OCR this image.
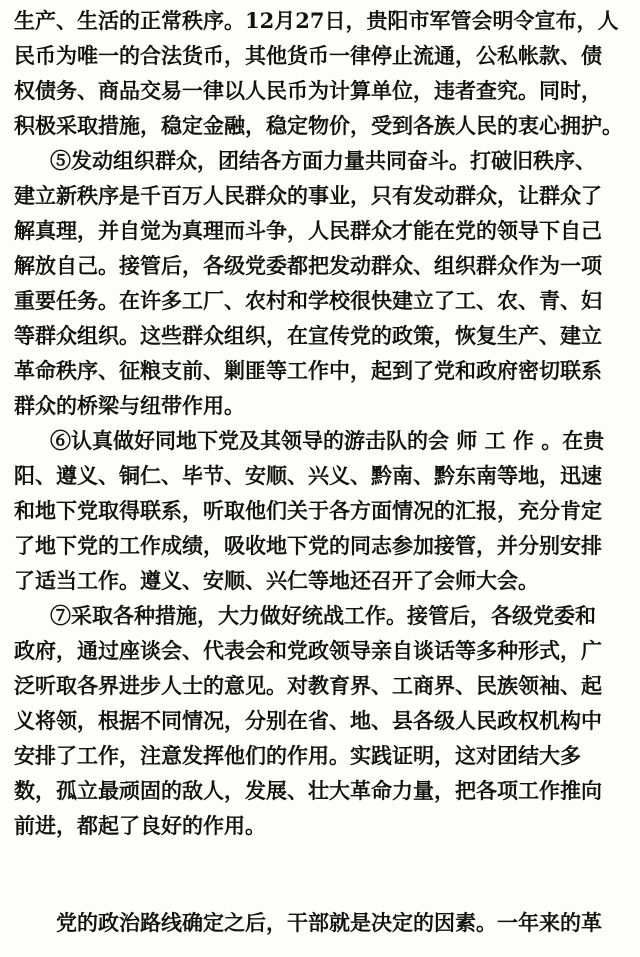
生产、生活的正常秩序。12月27日，贵阳市军管会明令宣布，人
民币为唯一的合法货币，其他货币一律停止流通，公私帐款、债
权债务、商品交易一律以人民币为计算单位，违者查究。同时，
积极采取措施，稳定金融，稳定物价，受到各族人民的衷心拥护。
⑤发动组织群众，团结各方面力量共同奋斗。打破旧秩序、
建立新秩序是千百万人民群众的事业，只有发动群众，让群众了
解真理，并自觉为真理而斗争，人民群众才能在党的领导下自己
解放自己。接管后，各级党委都把发动群众、组织群众作为一项
重要任务。在许多工厂、农村和学校很快建立了工、农、青、妇
等群众组织。这些群众组织，在宣传党的政策，恢复生产、建立
革命秩序、征粮支前、剿匪等工作中，起到了党和政府密切联系
群众的桥梁与纽带作用。
⑥认真做好同地下党及其领导的游击队的会 师 工 作 。在贵
阳、遵义、铜仁、毕节、安顺、兴义、黔南、黔东南等地，迅速
和地下党取得联系，听取他们关于各方面情况的汇报，充分肯定
了地下党的工作成绩，吸收地下党的同志参加接管，并分别安排
了适当工作。遵义、安顺、兴仁等地还召开了会师大会。
⑦采取各种措施，大力做好统战工作。接管后，各级党委和
政府，通过座谈会、代表会和党政领导亲自谈话等多种形式，广
泛听取各界进步人士的意见。对教育界、工商界、民族领袖、起
义将领，根据不同情况，分别在省、地、县各级人民政权机构中
安排了工作，注意发挥他们的作用。实践证明，这对团结大多
数，孤立最顽固的敌人，发展、壮大革命力量，把各项工作推向
前进，都起了良好的作用。
党的政治路线确定之后，干部就是决定的因素。一年来的革
